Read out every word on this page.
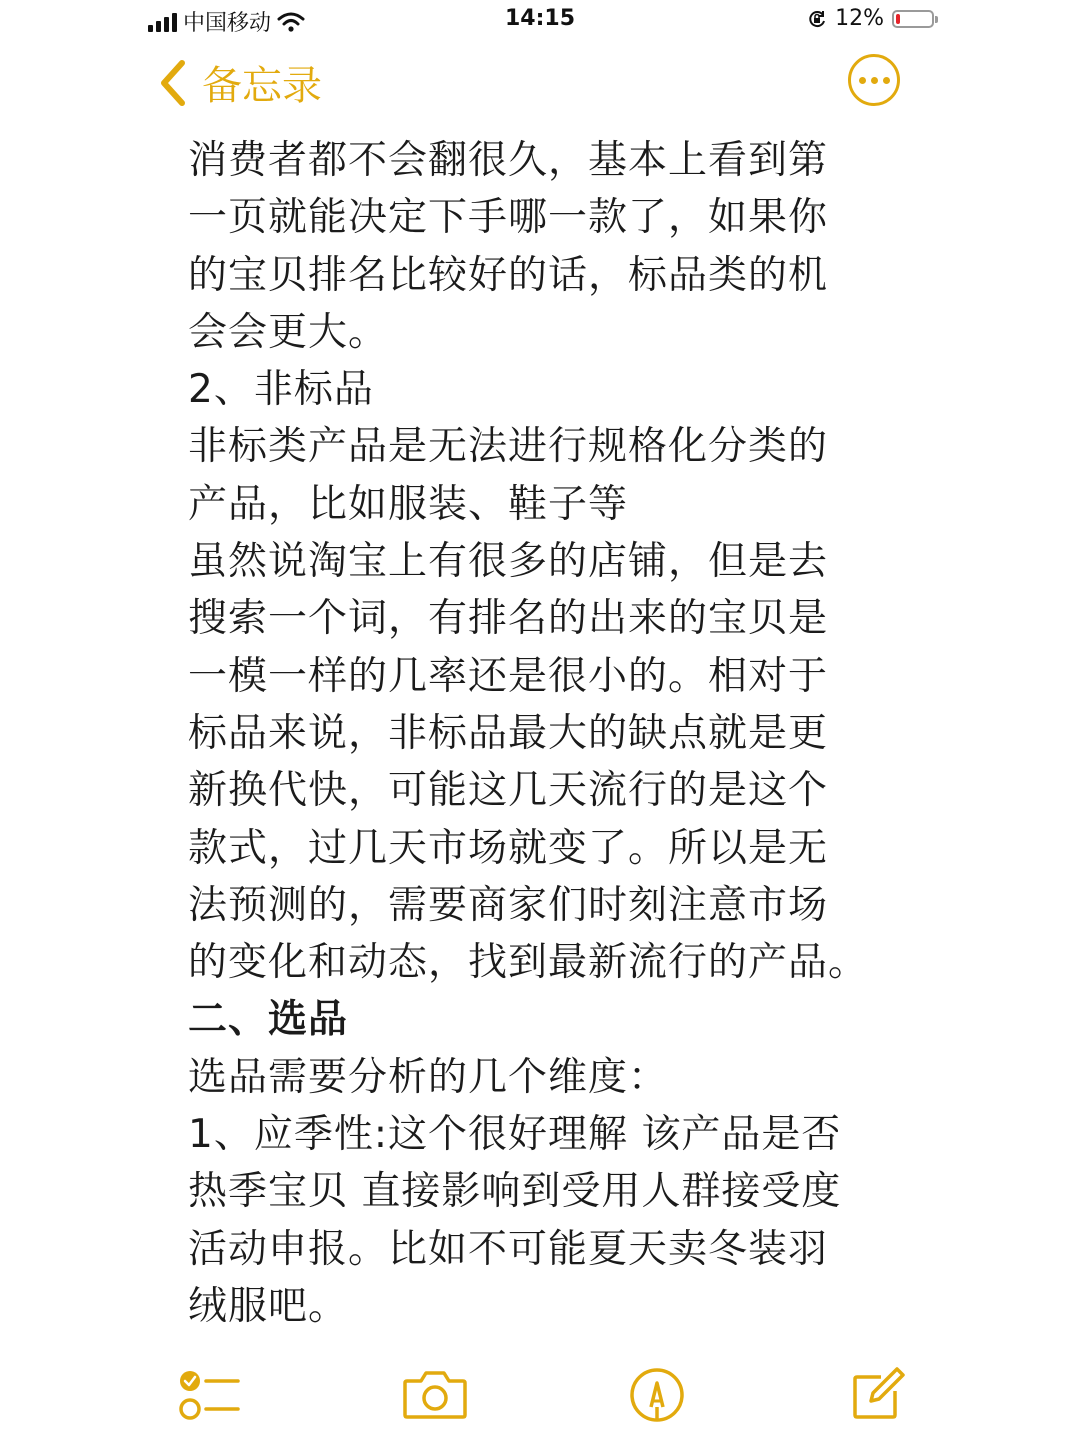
中国移动	14:15	12%
备忘录
消费者都不会翻很久，基本上看到第
一页就能决定下手哪一款了，如果你
的宝贝排名比较好的话，标品类的机
会会更大。
2、非标品
非标类产品是无法进行规格化分类的
产品，比如服装、鞋子等
虽然说淘宝上有很多的店铺，但是去
搜索一个词，有排名的出来的宝贝是
一模一样的几率还是很小的。相对于
标品来说，非标品最大的缺点就是更
新换代快，可能这几天流行的是这个
款式，过几天市场就变了。所以是无
法预测的，需要商家们时刻注意市场
的变化和动态，找到最新流行的产品。
二、选品
选品需要分析的几个维度：
1、应季性:这个很好理解 该产品是否
热季宝贝 直接影响到受用人群接受度
活动申报。比如不可能夏天卖冬装羽
绒服吧。
